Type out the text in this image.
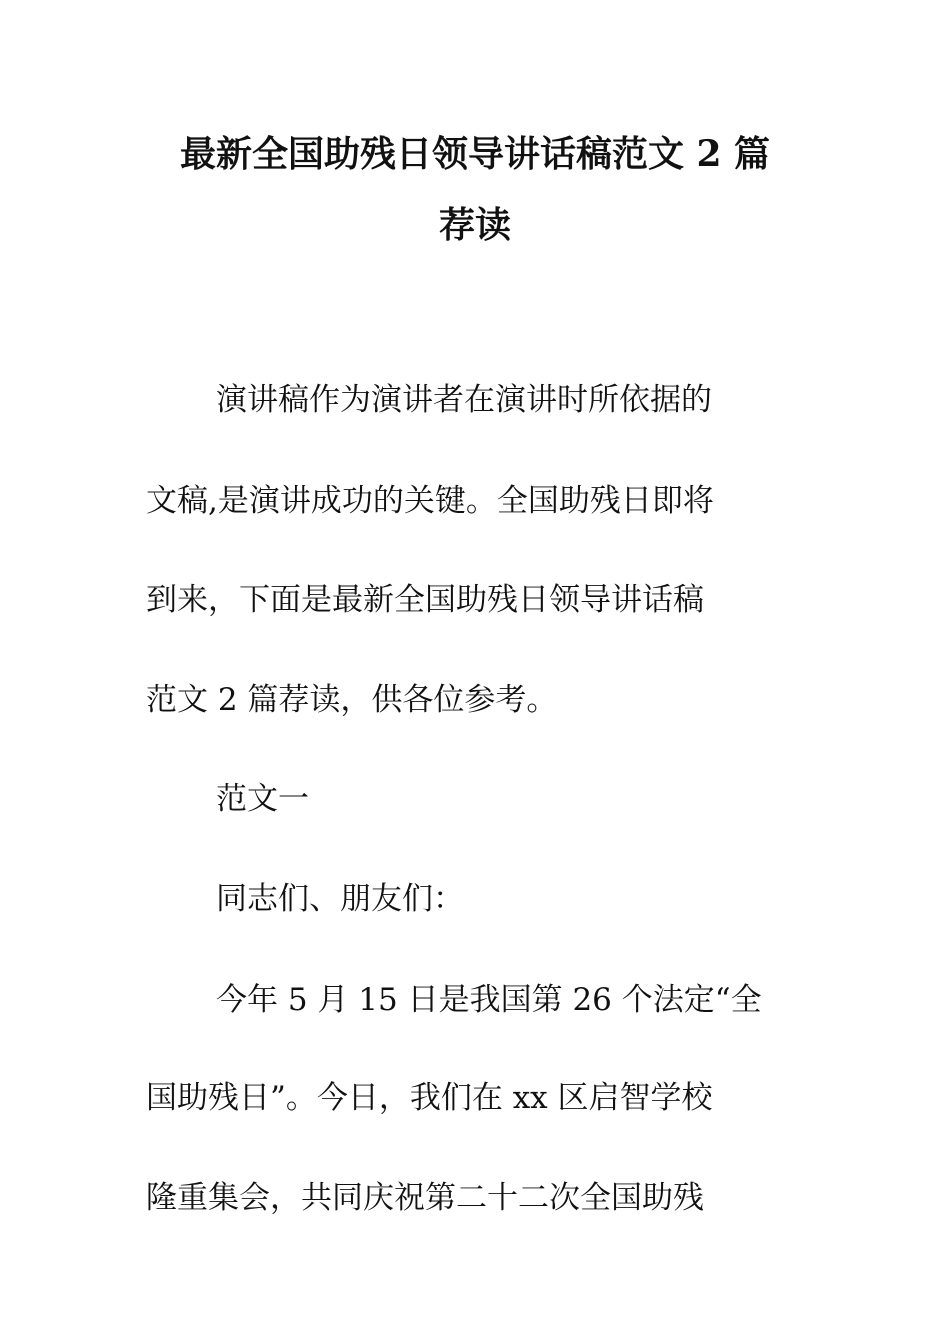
最新全国助残日领导讲话稿范文 2 篇
荐读

演讲稿作为演讲者在演讲时所依据的

文稿,是演讲成功的关键。全国助残日即将

到来，下面是最新全国助残日领导讲话稿

范文 2 篇荐读，供各位参考。

范文一

同志们、朋友们：

今年 5 月 15 日是我国第 26 个法定“全

国助残日”。今日，我们在 xx 区启智学校

隆重集会，共同庆祝第二十二次全国助残
